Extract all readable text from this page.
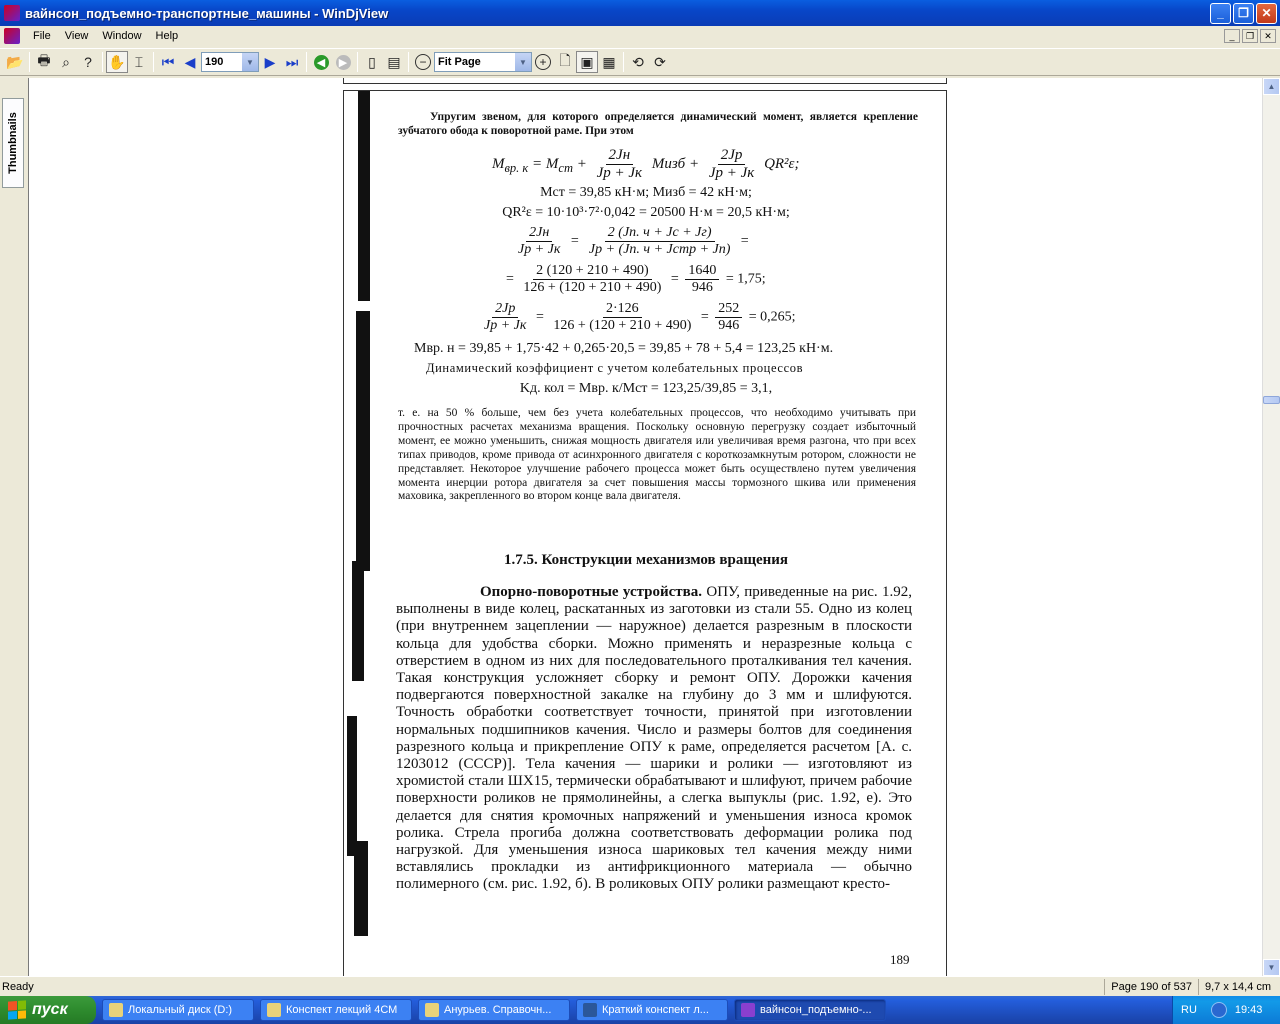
вайнсон_подъемно-транспортные_машины - WinDjView	_	❐	✕
File	View	Window	Help	_	❐	✕
📂 🖶 ⌕	?	✋ ⌶	⏮ ◀ 190	▼ ▶ ⏭	◀ ▶	▯ ▤	−	Fit Page	▼	+ 🗋 ▣ ▦	⟲ ⟳
Thumbnails	Упругим звеном, для которого определяется динамический момент, является крепление зубчатого обода к поворотной раме. При этом
$M_{вр. к} = M_{ст} + \frac{2Jн}{Jр + Jк}$ Mизб + $\frac{2Jр}{Jр + Jк} QR^2\varepsilon$;
Mст = 39,85 кН·м; Mизб = 42 кН·м;
QR²ε = 10·10³·7²·0,042 = 20500 Н·м = 20,5 кН·м;
$\frac{2Jн}{Jр + Jк} = \frac{2 (Jп. ч + Jс + Jг)}{\text{Jр + (Jп. ч + Jстр + Jп)}}$ =
= $\frac{2 (120 + 210 + 490)}{126 + (120 + 210 + 490)} = \frac{1640}{946} = 1,75$;
$\frac{2Jр}{Jр + Jк} = \frac{2\cdot 126}{126 + (120 + 210 + 490)} = \frac{252}{946} = 0,265$;
Mвр. н = 39,85 + 1,75·42 + 0,265·20,5 = 39,85 + 78 + 5,4 = 123,25 кН·м.
Динамический коэффициент с учетом колебательных процессов
Kд. кол = Mвр. к/Mст = 123,25/39,85 = 3,1,
т. е. на 50 % больше, чем без учета колебательных процессов, что необходимо учитывать при прочностных расчетах механизма вращения. Поскольку основную перегрузку создает избыточный момент, ее можно уменьшить, снижая мощность двигателя или увеличивая время разгона, что при всех типах приводов, кроме привода от асинхронного двигателя с короткозамкнутым ротором, сложности не представляет. Некоторое улучшение рабочего процесса может быть осуществлено путем увеличения момента инерции ротора двигателя за счет повышения массы тормозного шкива или применения маховика, закрепленного во втором конце вала двигателя.
1.7.5. Конструкции механизмов вращения
Опорно-поворотные устройства. ОПУ, приведенные на рис. 1.92, выполнены в виде колец, раскатанных из заготовки из стали 55. Одно из колец (при внутреннем зацеплении — наружное) делается разрезным в плоскости кольца для удобства сборки. Можно применять и неразрезные кольца с отверстием в одном из них для последовательного проталкивания тел качения. Такая конструкция усложняет сборку и ремонт ОПУ. Дорожки качения подвергаются поверхностной закалке на глубину до 3 мм и шлифуются. Точность обработки соответствует точности, принятой при изготовлении нормальных подшипников качения. Число и размеры болтов для соединения разрезного кольца и прикрепление ОПУ к раме, определяется расчетом [А. с. 1203012 (СССР)]. Тела качения — шарики и ролики — изготовляют из хромистой стали ШХ15, термически обрабатывают и шлифуют, причем рабочие поверхности роликов не прямолинейны, а слегка выпуклы (рис. 1.92, е). Это делается для снятия кромочных напряжений и уменьшения износа кромок ролика. Стрела прогиба должна соответствовать деформации ролика под нагрузкой. Для уменьшения износа шариковых тел качения между ними вставлялись прокладки из антифрикционного материала — обычно полимерного (см. рис. 1.92, б). В роликовых ОПУ ролики размещают кресто-
189
▲
▼
Ready	Page 190 of 537	9,7 x 14,4 cm
пуск	Локальный диск (D:)	Конспект лекций 4СМ	Анурьев. Справочн...	Краткий конспект л...	вайнсон_подъемно-...	RU	19:43
